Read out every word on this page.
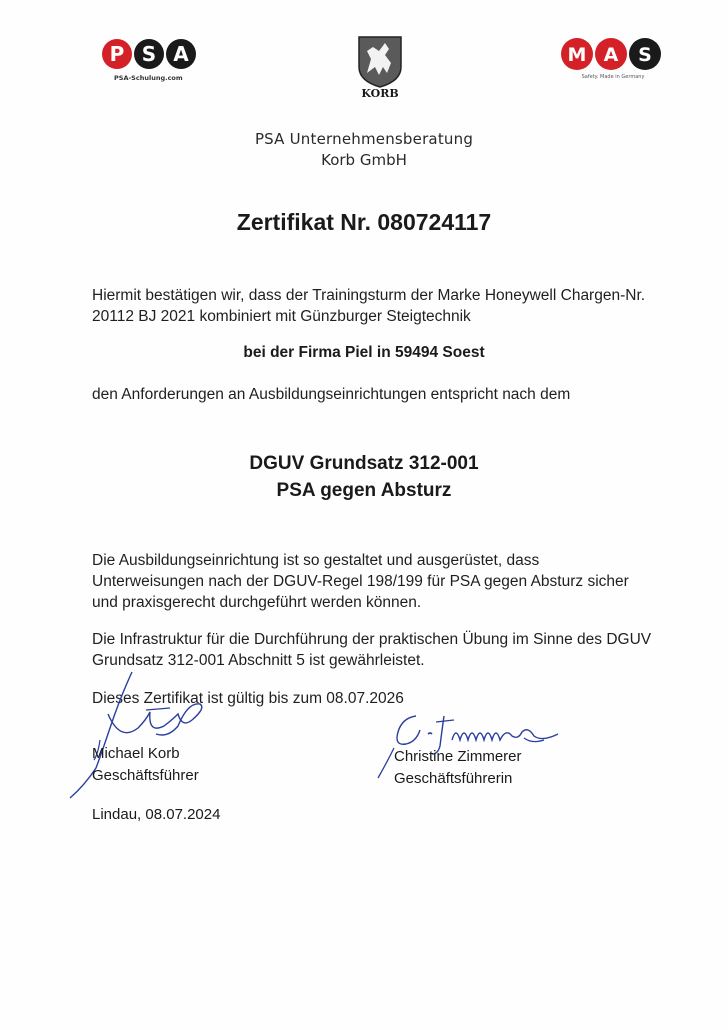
P S A
PSA-Schulung.com
KORB
M A S
Safety. Made in Germany
PSA Unternehmensberatung
Korb GmbH
Zertifikat Nr. 080724117
Hiermit bestätigen wir, dass der Trainingsturm der Marke Honeywell Chargen-Nr. 20112 BJ 2021 kombiniert mit Günzburger Steigtechnik
bei der Firma Piel in 59494 Soest
den Anforderungen an Ausbildungseinrichtungen entspricht nach dem
DGUV Grundsatz 312-001
PSA gegen Absturz
Die Ausbildungseinrichtung ist so gestaltet und ausgerüstet, dass Unterweisungen nach der DGUV-Regel 198/199 für PSA gegen Absturz sicher und praxisgerecht durchgeführt werden können.
Die Infrastruktur für die Durchführung der praktischen Übung im Sinne des DGUV Grundsatz 312-001 Abschnitt 5 ist gewährleistet.
Dieses Zertifikat ist gültig bis zum 08.07.2026
Michael Korb
Geschäftsführer
Christine Zimmerer
Geschäftsführerin
Lindau, 08.07.2024
